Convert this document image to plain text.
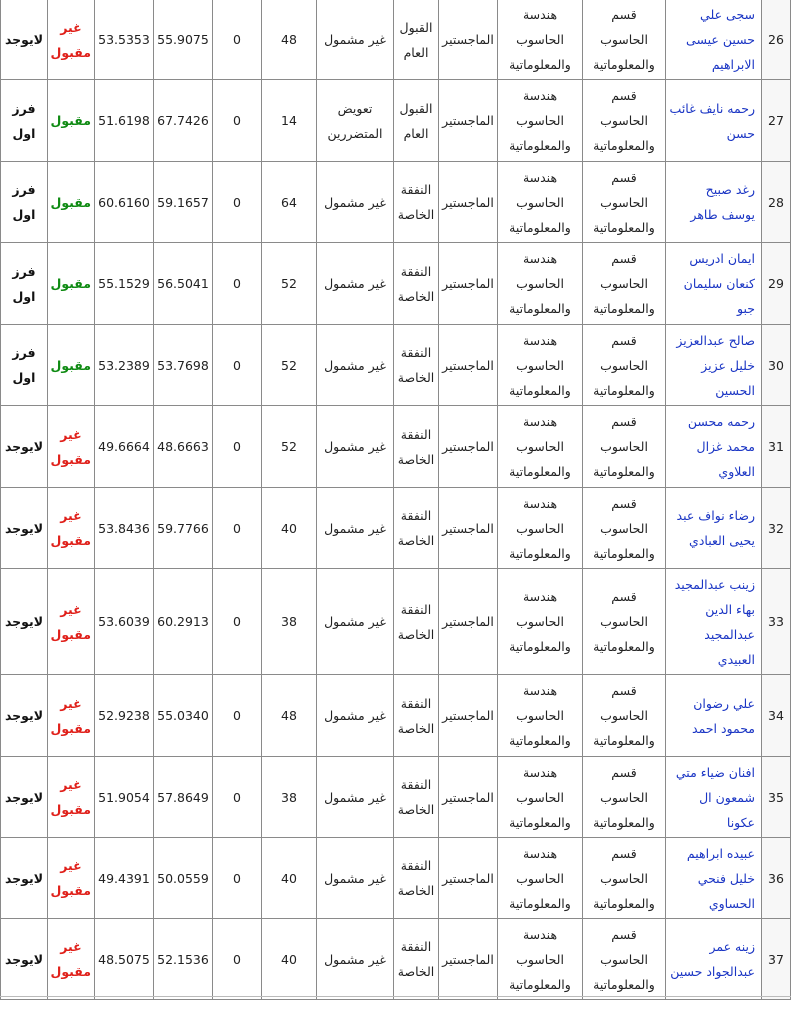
26	سجى علي حسين عيسى الابراهيم	قسم الحاسوب والمعلوماتية	هندسة الحاسوب والمعلوماتية	الماجستير	القبول العام	غير مشمول	48	0	55.9075	53.5353	غير مقبول	لايوجد
27	رحمه نايف غائب حسن	قسم الحاسوب والمعلوماتية	هندسة الحاسوب والمعلوماتية	الماجستير	القبول العام	تعويض المتضررين	14	0	67.7426	51.6198	مقبول	فرز اول
28	رغد صبيح يوسف طاهر	قسم الحاسوب والمعلوماتية	هندسة الحاسوب والمعلوماتية	الماجستير	النفقة الخاصة	غير مشمول	64	0	59.1657	60.6160	مقبول	فرز اول
29	ايمان ادريس كنعان سليمان جبو	قسم الحاسوب والمعلوماتية	هندسة الحاسوب والمعلوماتية	الماجستير	النفقة الخاصة	غير مشمول	52	0	56.5041	55.1529	مقبول	فرز اول
30	صالح عبدالعزيز خليل عزيز الحسين	قسم الحاسوب والمعلوماتية	هندسة الحاسوب والمعلوماتية	الماجستير	النفقة الخاصة	غير مشمول	52	0	53.7698	53.2389	مقبول	فرز اول
31	رحمه محسن محمد غزال العلاوي	قسم الحاسوب والمعلوماتية	هندسة الحاسوب والمعلوماتية	الماجستير	النفقة الخاصة	غير مشمول	52	0	48.6663	49.6664	غير مقبول	لايوجد
32	رضاء نواف عبد يحيى العبادي	قسم الحاسوب والمعلوماتية	هندسة الحاسوب والمعلوماتية	الماجستير	النفقة الخاصة	غير مشمول	40	0	59.7766	53.8436	غير مقبول	لايوجد
33	زينب عبدالمجيد بهاء الدين عبدالمجيد العبيدي	قسم الحاسوب والمعلوماتية	هندسة الحاسوب والمعلوماتية	الماجستير	النفقة الخاصة	غير مشمول	38	0	60.2913	53.6039	غير مقبول	لايوجد
34	علي رضوان محمود احمد	قسم الحاسوب والمعلوماتية	هندسة الحاسوب والمعلوماتية	الماجستير	النفقة الخاصة	غير مشمول	48	0	55.0340	52.9238	غير مقبول	لايوجد
35	افنان ضياء متي شمعون ال عكونا	قسم الحاسوب والمعلوماتية	هندسة الحاسوب والمعلوماتية	الماجستير	النفقة الخاصة	غير مشمول	38	0	57.8649	51.9054	غير مقبول	لايوجد
36	عبيده ابراهيم خليل فنحي الحساوي	قسم الحاسوب والمعلوماتية	هندسة الحاسوب والمعلوماتية	الماجستير	النفقة الخاصة	غير مشمول	40	0	50.0559	49.4391	غير مقبول	لايوجد
37	زينه عمر عبدالجواد حسين	قسم الحاسوب والمعلوماتية	هندسة الحاسوب والمعلوماتية	الماجستير	النفقة الخاصة	غير مشمول	40	0	52.1536	48.5075	غير مقبول	لايوجد
